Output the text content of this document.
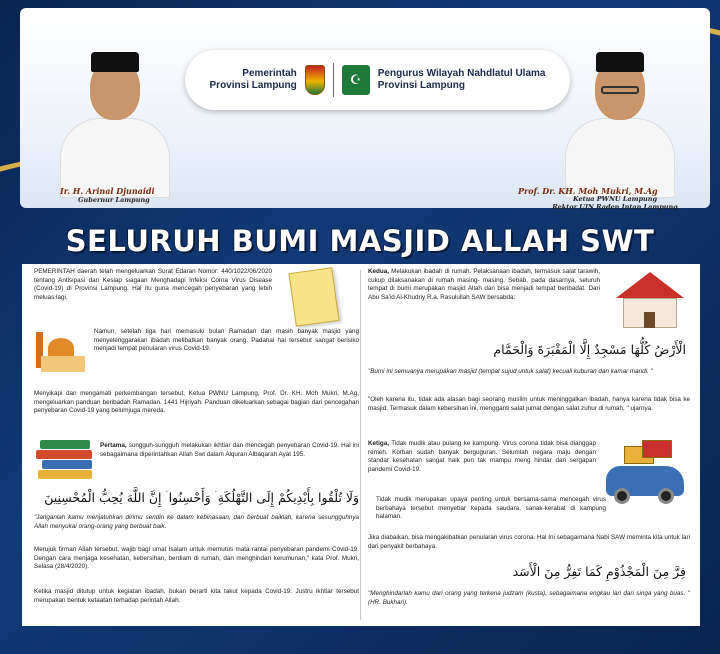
Pemerintah
Provinsi Lampung	☪	Pengurus Wilayah Nahdlatul Ulama
Provinsi Lampung
Ir. H. Arinal Djunaidi
Gubernur Lampung
Prof. Dr. KH. Moh Mukri, M.Ag
Ketua PWNU Lampung
Rektor UIN Raden Intan Lampung
SELURUH BUMI MASJID ALLAH SWT
PEMERINTAH daerah telah mengeluarkan Surat Edaran Nomor: 440/1022/06/2020 tentang Antisipasi dan Kesiap siagaan Menghadapi Infeksi Corna Virus Disease (Covid-19) di Provinsi Lampung. Hal itu guna mencegah penyebaran yang lebih meluas lagi.
Namun, setelah tiga hari memasuki bulan Ramadan dan masih banyak masjid yang menyelenggarakan ibadah melibatkan banyak orang. Padahal hal tersebut sangat berisiko menjadi tempat penularan virus Covid-19.
Menyikapi dan mengamati perkembangan tersebut, Ketua PWNU Lampung, Prof. Dr. KH. Moh Mukri, M.Ag, mengeluarkan panduan beribadah Ramadan. 1441 Hijriyah. Panduan dikeluarkan sebagai bagian dari pencegahan penyebaran Covid-19 yang belumjuga mereda.
Pertama, sungguh-sungguh melakukan ikhtiar dan mencegah penyebaran Covid-19. Hal ini sebagaimana diperintahkan Allah Swt dalam Alquran Albaqarah Ayat 195.
وَلَا تُلْقُوا بِأَيْدِيكُمْ إِلَى التَّهْلُكَةِ ۛ وَأَحْسِنُوا ۛ إِنَّ اللَّهَ يُحِبُّ الْمُحْسِنِينَ
"Janganlah kamu menjatuhkan dirimu sendiri ke dalam kebinasaan, dan berbuat baiklah, karena sesungguhnya Allah menyukai orang-orang yang berbuat baik.
Merujuk firman Allah tersebut, wajib bagi umat Isalam untuk memutus mata rantai penyebaran pandemi Covid-19. Dengan cara menjaga kesehatan, kebersihan, berdiam di rumah, dan menghindari kerumunan," kata Prof. Mukri, Selasa (28/4/2020).
Ketika masjid ditutup untuk kegiatan ibadah, bukan berarti kita takut kepada Covid-19. Justru ikhtiar tersebut merupakan bentuk ketaatan terhadap perintah Allah.
Kedua, Melakukan ibadah di rumah. Pelaksanaan ibadah, termasuk salat tarawih, cukup dilaksanakan di rumah masing- masing. Sebab, pada dasarnya, seluruh tempat di bumi merupakan masjid Allah dan bisa menjadi tempat beribadat. Dari Abu Sa'id Al-Khudriy R.a, Rasulullah SAW bersabda:
الْأَرْضُ كُلُّهَا مَسْجِدٌ إِلَّا الْمَقْبَرَةَ وَالْحَمَّام
"Bumi ini semuanya merupakan masjid (tempat sujud untuk salat) kecuali kuburan dan kamar mandi. "
"Oleh karena itu, tidak ada alasan bagi seorang muslim untuk meninggalkan ibadah, hanya karena tidak bisa ke masjid. Termasuk dalam kebersihan ini, mengganti salat jumat dengan salat zuhur di rumah, " ujarnya.
Ketiga, Tidak mudik atau pulang ke kampung. Virus corona tidak bisa dianggap remeh. Korban sudah banyak berguguran. Seiumlah negara maju dengan standar kesehatan sangat haik pun tak mampu meng hindar dari sergapan pandemi Covid-19.
Tidak mudik merupakan upaya penting untuk bersama-sama mencegah virus berbahaya tersebut menyebar kepada saudara, sanak-kerabat di kampung halaman.
Jika diabaikan, bisa mengakibatkan penularan virus corona. Hal Ini sebagaimana Nabi SAW meminta kita untuk lari dari penyakit berbahaya.
فِرَّ مِنَ الْمَجْذُوْمِ كَمَا تَفِرُّ مِنَ الْأَسَد
"Menghindarlah kamu dari orang yang terkena judzam (kusta), sebagaimana engkau lari dari singa yang buas. " (HR. Bukhari).
